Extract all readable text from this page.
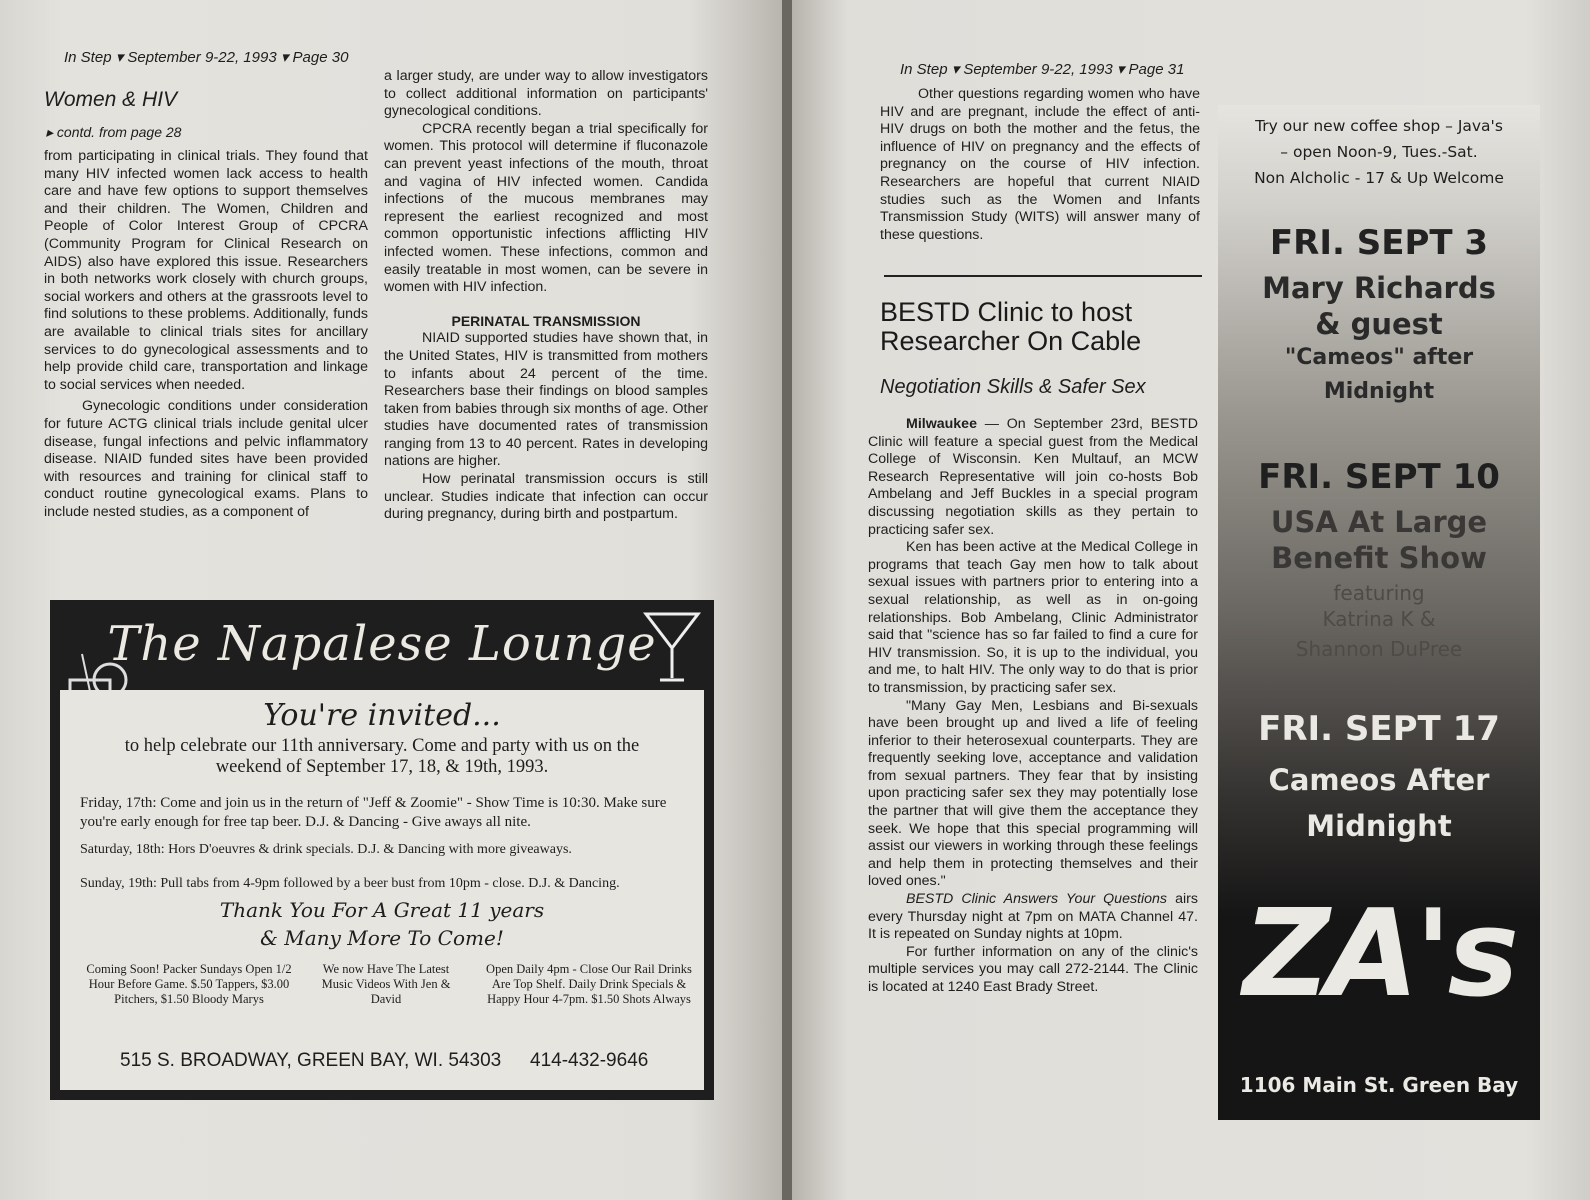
In Step ▾ September 9-22, 1993 ▾ Page 30
Women & HIV
▸ contd. from page 28

from participating in clinical trials. They found that many HIV infected women lack access to health care and have few options to support themselves and their children. The Women, Children and People of Color Interest Group of CPCRA (Community Program for Clinical Research on AIDS) also have explored this issue. Researchers in both networks work closely with church groups, social workers and others at the grassroots level to find solutions to these problems. Additionally, funds are available to clinical trials sites for ancillary services to do gynecological assessments and to help provide child care, transportation and linkage to social services when needed.

Gynecologic conditions under consideration for future ACTG clinical trials include genital ulcer disease, fungal infections and pelvic inflammatory disease. NIAID funded sites have been provided with resources and training for clinical staff to conduct routine gynecological exams. Plans to include nested studies, as a component of

a larger study, are under way to allow investigators to collect additional information on participants' gynecological conditions.

CPCRA recently began a trial specifically for women. This protocol will determine if fluconazole can prevent yeast infections of the mouth, throat and vagina of HIV infected women. Candida infections of the mucous membranes may represent the earliest recognized and most common opportunistic infections afflicting HIV infected women. These infections, common and easily treatable in most women, can be severe in women with HIV infection.

PERINATAL TRANSMISSION

NIAID supported studies have shown that, in the United States, HIV is transmitted from mothers to infants about 24 percent of the time. Researchers base their findings on blood samples taken from babies through six months of age. Other studies have documented rates of transmission ranging from 13 to 40 percent. Rates in developing nations are higher.

How perinatal transmission occurs is still unclear. Studies indicate that infection can occur during pregnancy, during birth and postpartum.

The Napalese Lounge
You're invited...
to help celebrate our 11th anniversary. Come and party with us on the weekend of September 17, 18, & 19th, 1993.
Friday, 17th: Come and join us in the return of "Jeff & Zoomie" - Show Time is 10:30. Make sure you're early enough for free tap beer. D.J. & Dancing - Give aways all nite.
Saturday, 18th: Hors D'oeuvres & drink specials. D.J. & Dancing with more giveaways.
Sunday, 19th: Pull tabs from 4-9pm followed by a beer bust from 10pm - close. D.J. & Dancing.
Thank You For A Great 11 years
& Many More To Come!
Coming Soon! Packer Sundays Open 1/2 Hour Before Game. $.50 Tappers, $3.00 Pitchers, $1.50 Bloody Marys
We now Have The Latest Music Videos With Jen & David
Open Daily 4pm - Close Our Rail Drinks Are Top Shelf. Daily Drink Specials & Happy Hour 4-7pm. $1.50 Shots Always
515 S. BROADWAY, GREEN BAY, WI. 54303 414-432-9646
In Step ▾ September 9-22, 1993 ▾ Page 31

Other questions regarding women who have HIV and are pregnant, include the effect of anti-HIV drugs on both the mother and the fetus, the influence of HIV on pregnancy and the effects of pregnancy on the course of HIV infection. Researchers are hopeful that current NIAID studies such as the Women and Infants Transmission Study (WITS) will answer many of these questions.

BESTD Clinic to host Researcher On Cable
Negotiation Skills & Safer Sex

Milwaukee — On September 23rd, BESTD Clinic will feature a special guest from the Medical College of Wisconsin. Ken Multauf, an MCW Research Representative will join co-hosts Bob Ambelang and Jeff Buckles in a special program discussing negotiation skills as they pertain to practicing safer sex.

Ken has been active at the Medical College in programs that teach Gay men how to talk about sexual issues with partners prior to entering into a sexual relationship, as well as in on-going relationships. Bob Ambelang, Clinic Administrator said that "science has so far failed to find a cure for HIV transmission. So, it is up to the individual, you and me, to halt HIV. The only way to do that is prior to transmission, by practicing safer sex.

"Many Gay Men, Lesbians and Bi-sexuals have been brought up and lived a life of feeling inferior to their heterosexual counterparts. They are frequently seeking love, acceptance and validation from sexual partners. They fear that by insisting upon practicing safer sex they may potentially lose the partner that will give them the acceptance they seek. We hope that this special programming will assist our viewers in working through these feelings and help them in protecting themselves and their loved ones."

BESTD Clinic Answers Your Questions airs every Thursday night at 7pm on MATA Channel 47. It is repeated on Sunday nights at 10pm.

For further information on any of the clinic's multiple services you may call 272-2144. The Clinic is located at 1240 East Brady Street.

Try our new coffee shop – Java's
– open Noon-9, Tues.-Sat.
Non Alcholic - 17 & Up Welcome
FRI. SEPT 3
Mary Richards
& guest
"Cameos" after
Midnight
FRI. SEPT 10
USA At Large
Benefit Show
featuring
Katrina K &
Shannon DuPree
FRI. SEPT 17
Cameos After
Midnight
ZA's
1106 Main St. Green Bay
